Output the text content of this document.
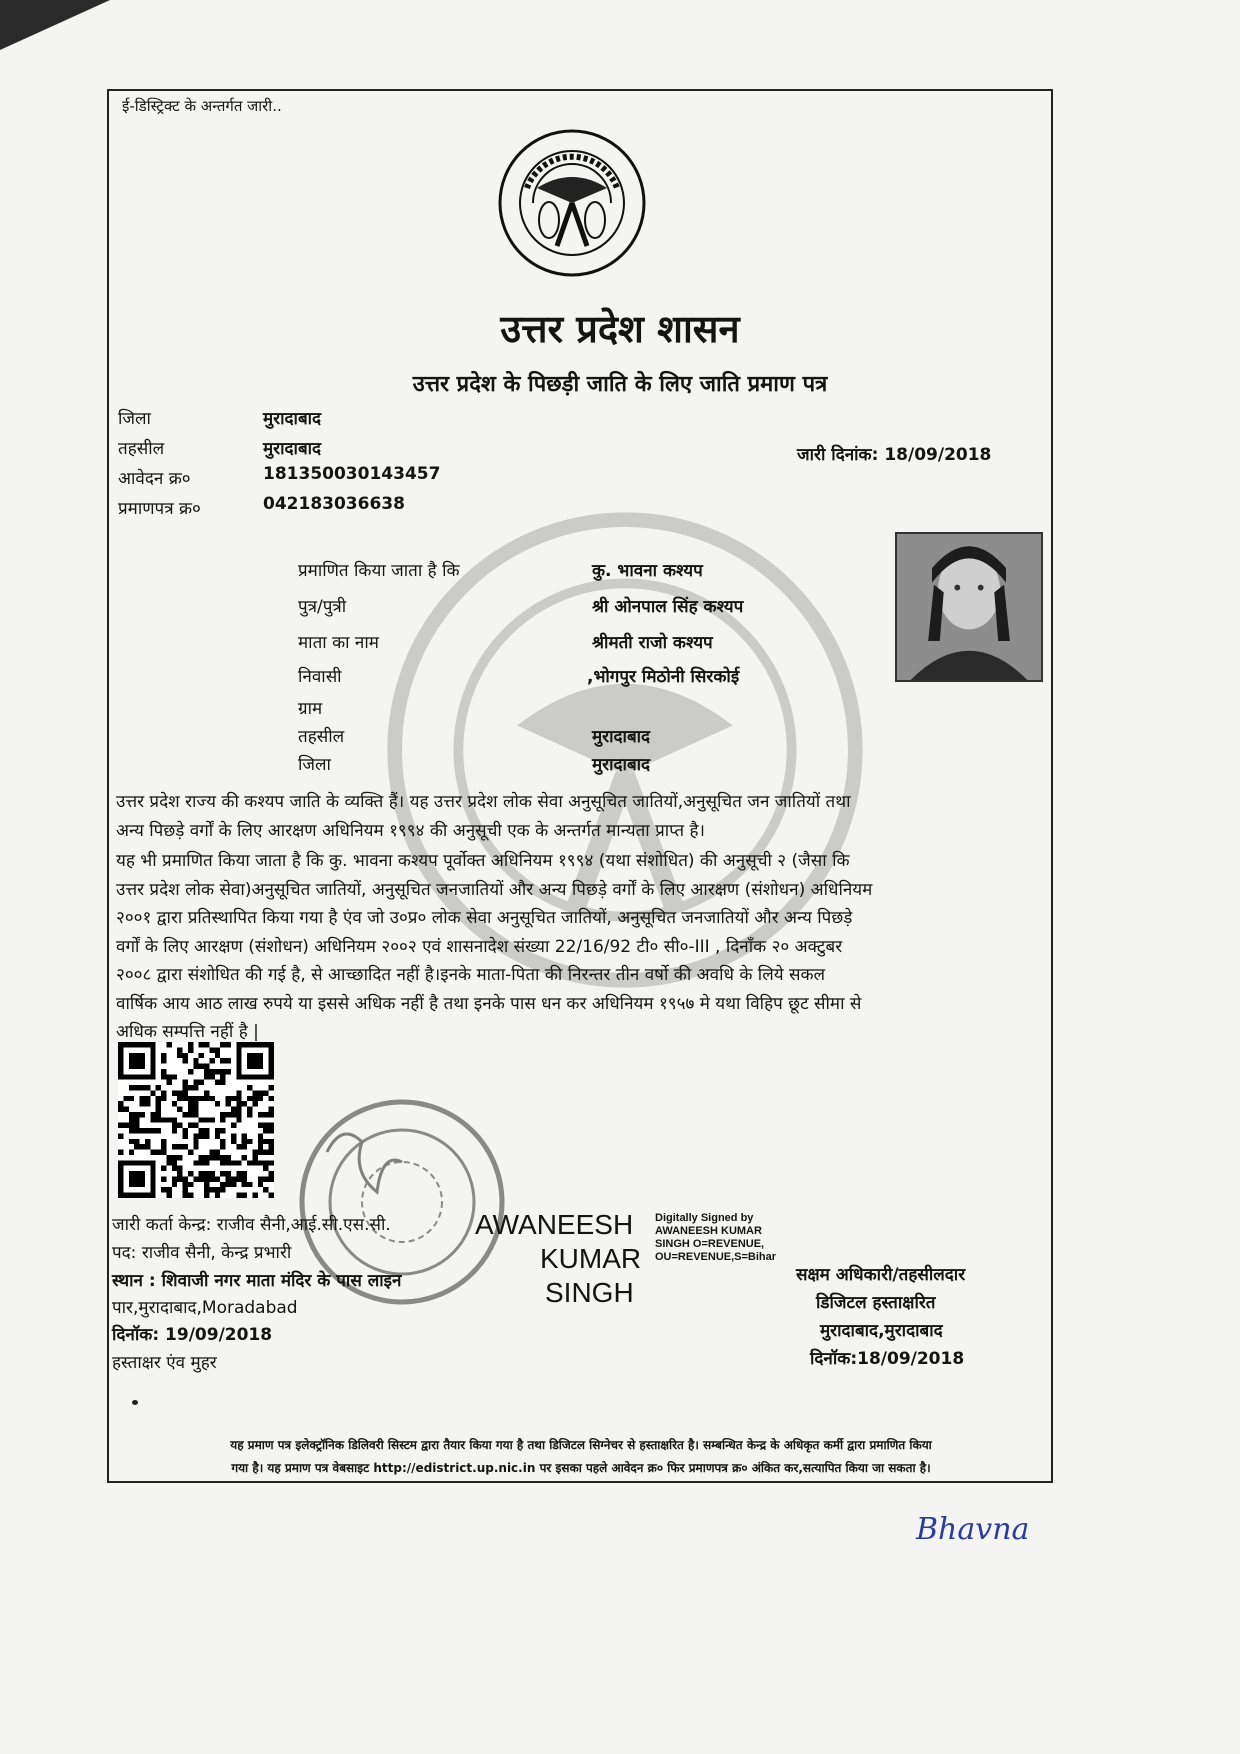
ई-डिस्ट्रिक्ट के अन्तर्गत जारी..
उत्तर प्रदेश शासन
उत्तर प्रदेश के पिछड़ी जाति के लिए जाति प्रमाण पत्र
जिला	मुरादाबाद
तहसील	मुरादाबाद
आवेदन क्र०	181350030143457
प्रमाणपत्र क्र०	042183036638
जारी दिनांक: 18/09/2018
प्रमाणित किया जाता है कि	कु. भावना कश्यप
पुत्र/पुत्री	श्री ओनपाल सिंह कश्यप
माता का नाम	श्रीमती राजो कश्यप
निवासी	,भोगपुर मिठोनी सिरकोई
ग्राम
तहसील	मुरादाबाद
जिला	मुरादाबाद
उत्तर प्रदेश राज्य की कश्यप जाति के व्यक्ति हैं। यह उत्तर प्रदेश लोक सेवा अनुसूचित जातियों,अनुसूचित जन जातियों तथा
अन्य पिछड़े वर्गों के लिए आरक्षण अधिनियम १९९४ की अनुसूची एक के अन्तर्गत मान्यता प्राप्त है।
यह भी प्रमाणित किया जाता है कि कु. भावना कश्यप पूर्वोक्त अधिनियम १९९४ (यथा संशोधित) की अनुसूची २ (जैसा कि
उत्तर प्रदेश लोक सेवा)अनुसूचित जातियों, अनुसूचित जनजातियों और अन्य पिछड़े वर्गों के लिए आरक्षण (संशोधन) अधिनियम
२००१ द्वारा प्रतिस्थापित किया गया है एंव जो उ०प्र० लोक सेवा अनुसूचित जातियों, अनुसूचित जनजातियों और अन्य पिछड़े
वर्गों के लिए आरक्षण (संशोधन) अधिनियम २००२ एवं शासनादेश संख्या 22/16/92 टी० सी०-III , दिनाँक २० अक्टुबर
२००८ द्वारा संशोधित की गई है, से आच्छादित नहीं है।इनके माता-पिता की निरन्तर तीन वर्षो की अवधि के लिये सकल
वार्षिक आय आठ लाख रुपये या इससे अधिक नहीं है तथा इनके पास धन कर अधिनियम १९५७ मे यथा विहिप छूट सीमा से
अधिक सम्पत्ति नहीं है |
जारी कर्ता केन्द्र: राजीव सैनी,आई.सी.एस.सी.
पद: राजीव सैनी, केन्द्र प्रभारी
स्थान : शिवाजी नगर माता मंदिर के पास लाइन
पार,मुरादाबाद,Moradabad
दिनॉक: 19/09/2018
हस्ताक्षर एंव मुहर
AWANEESH
KUMAR
SINGH
Digitally Signed by
AWANEESH KUMAR
SINGH O=REVENUE,
OU=REVENUE,S=Bihar
सक्षम अधिकारी/तहसीलदार
डिजिटल हस्ताक्षरित
मुरादाबाद,मुरादाबाद
दिनॉक:18/09/2018
यह प्रमाण पत्र इलेक्ट्रॉनिक डिलिवरी सिस्टम द्वारा तैयार किया गया है तथा डिजिटल सिग्नेचर से हस्ताक्षरित है। सम्बन्धित केन्द्र के अधिकृत कर्मी द्वारा प्रमाणित किया
गया है। यह प्रमाण पत्र वेबसाइट http://edistrict.up.nic.in पर इसका पहले आवेदन क्र० फिर प्रमाणपत्र क्र० अंकित कर,सत्यापित किया जा सकता है।
Bhavna
